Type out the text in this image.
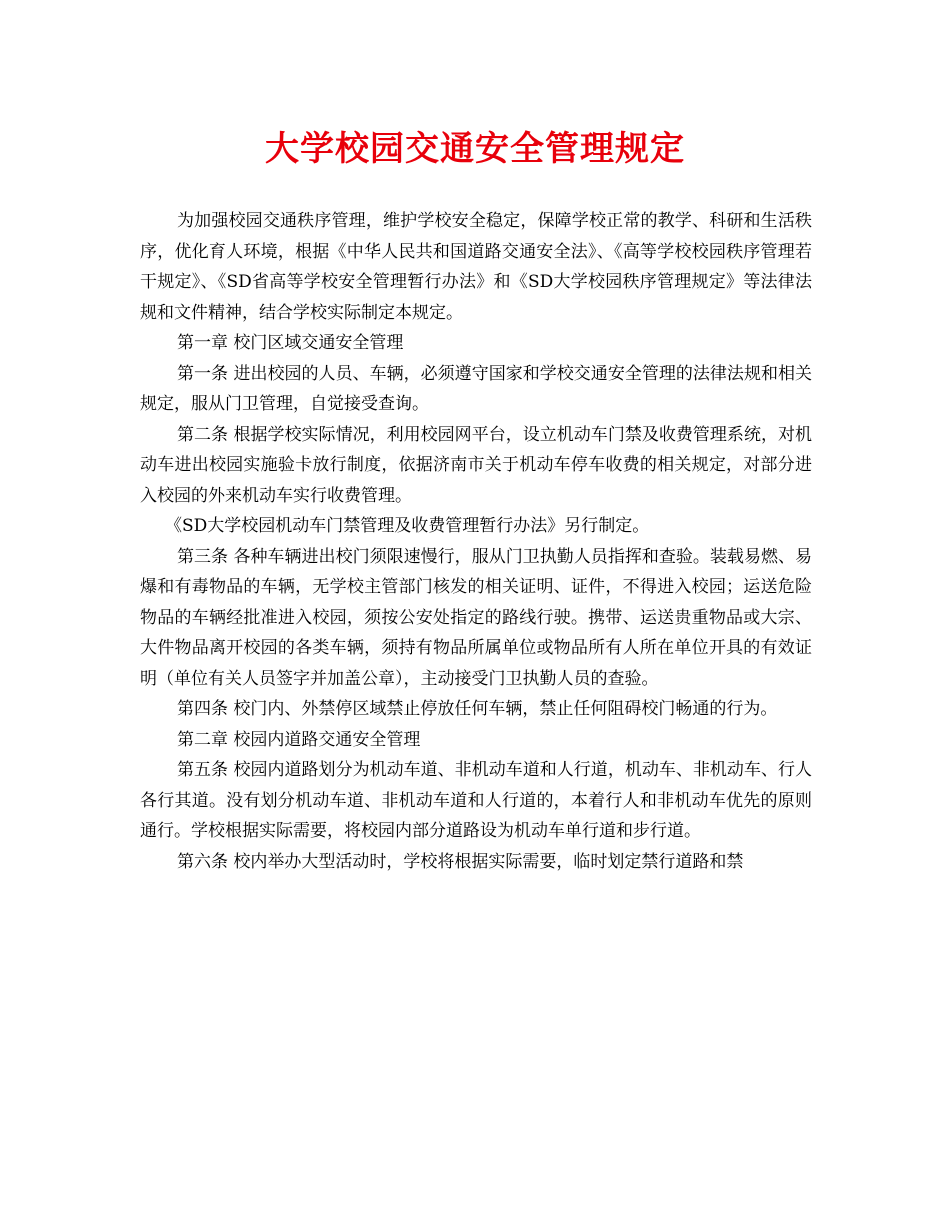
大学校园交通安全管理规定

为加强校园交通秩序管理，维护学校安全稳定，保障学校正常的教学、科研和生活秩序，优化育人环境，根据《中华人民共和国道路交通安全法》、《高等学校校园秩序管理若干规定》、《SD省高等学校安全管理暂行办法》和《SD大学校园秩序管理规定》等法律法规和文件精神，结合学校实际制定本规定。

第一章 校门区域交通安全管理

第一条 进出校园的人员、车辆，必须遵守国家和学校交通安全管理的法律法规和相关规定，服从门卫管理，自觉接受查询。

第二条 根据学校实际情况，利用校园网平台，设立机动车门禁及收费管理系统，对机动车进出校园实施验卡放行制度，依据济南市关于机动车停车收费的相关规定，对部分进入校园的外来机动车实行收费管理。

《SD大学校园机动车门禁管理及收费管理暂行办法》另行制定。

第三条 各种车辆进出校门须限速慢行，服从门卫执勤人员指挥和查验。装载易燃、易爆和有毒物品的车辆，无学校主管部门核发的相关证明、证件，不得进入校园；运送危险物品的车辆经批准进入校园，须按公安处指定的路线行驶。携带、运送贵重物品或大宗、大件物品离开校园的各类车辆，须持有物品所属单位或物品所有人所在单位开具的有效证明（单位有关人员签字并加盖公章），主动接受门卫执勤人员的查验。

第四条 校门内、外禁停区域禁止停放任何车辆，禁止任何阻碍校门畅通的行为。

第二章 校园内道路交通安全管理

第五条 校园内道路划分为机动车道、非机动车道和人行道，机动车、非机动车、行人各行其道。没有划分机动车道、非机动车道和人行道的，本着行人和非机动车优先的原则通行。学校根据实际需要，将校园内部分道路设为机动车单行道和步行道。

第六条 校内举办大型活动时，学校将根据实际需要，临时划定禁行道路和禁
